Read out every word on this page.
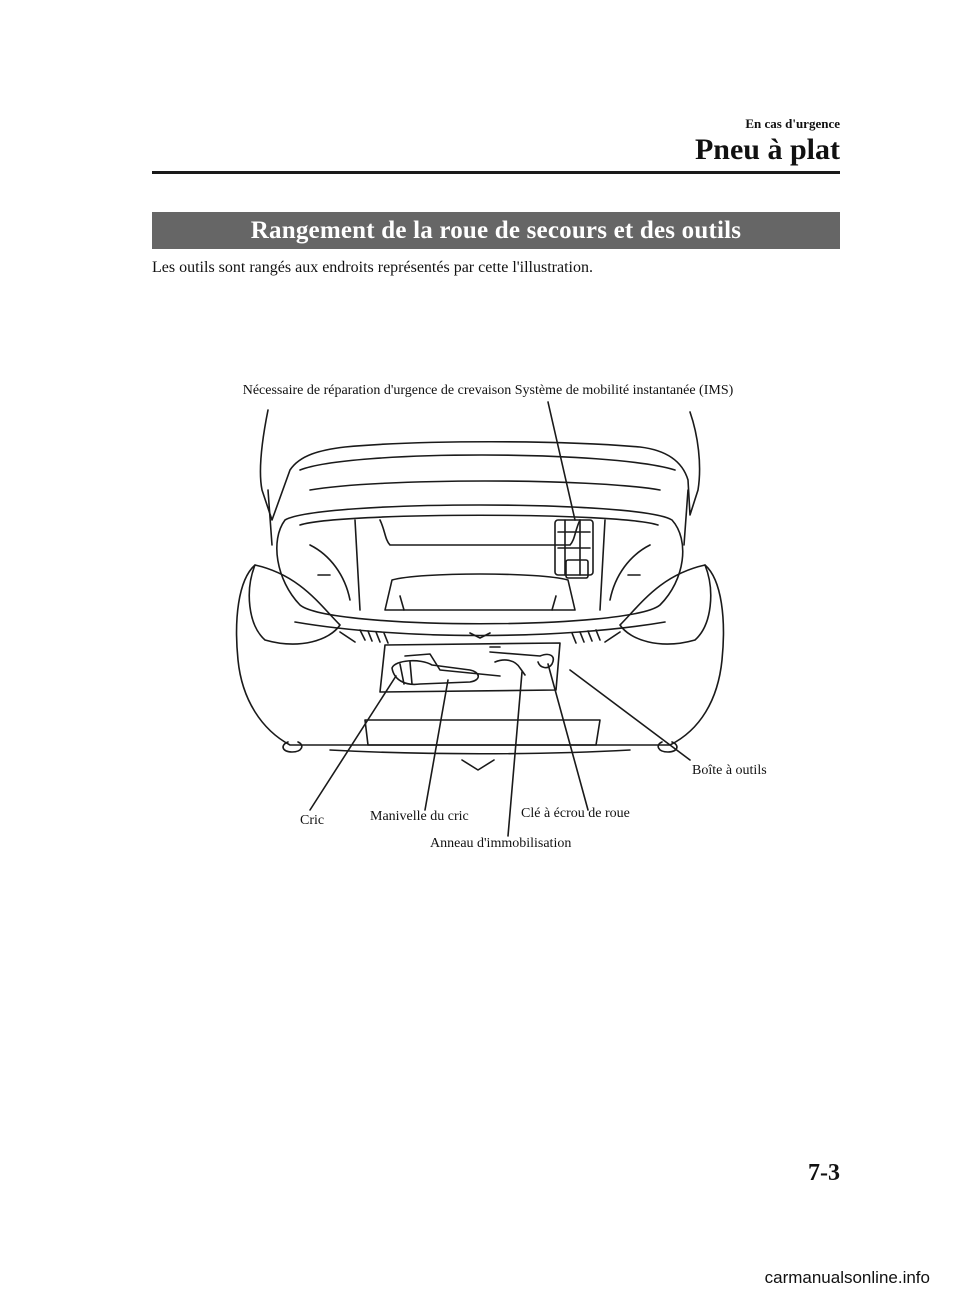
En cas d'urgence
Pneu à plat
Rangement de la roue de secours et des outils
Les outils sont rangés aux endroits représentés par cette l'illustration.
Nécessaire de réparation d'urgence de crevaison Système de mobilité instantanée (IMS)
Boîte à outils
Cric	Manivelle du cric	Clé à écrou de roue
Anneau d'immobilisation
7-3
carmanualsonline.info
